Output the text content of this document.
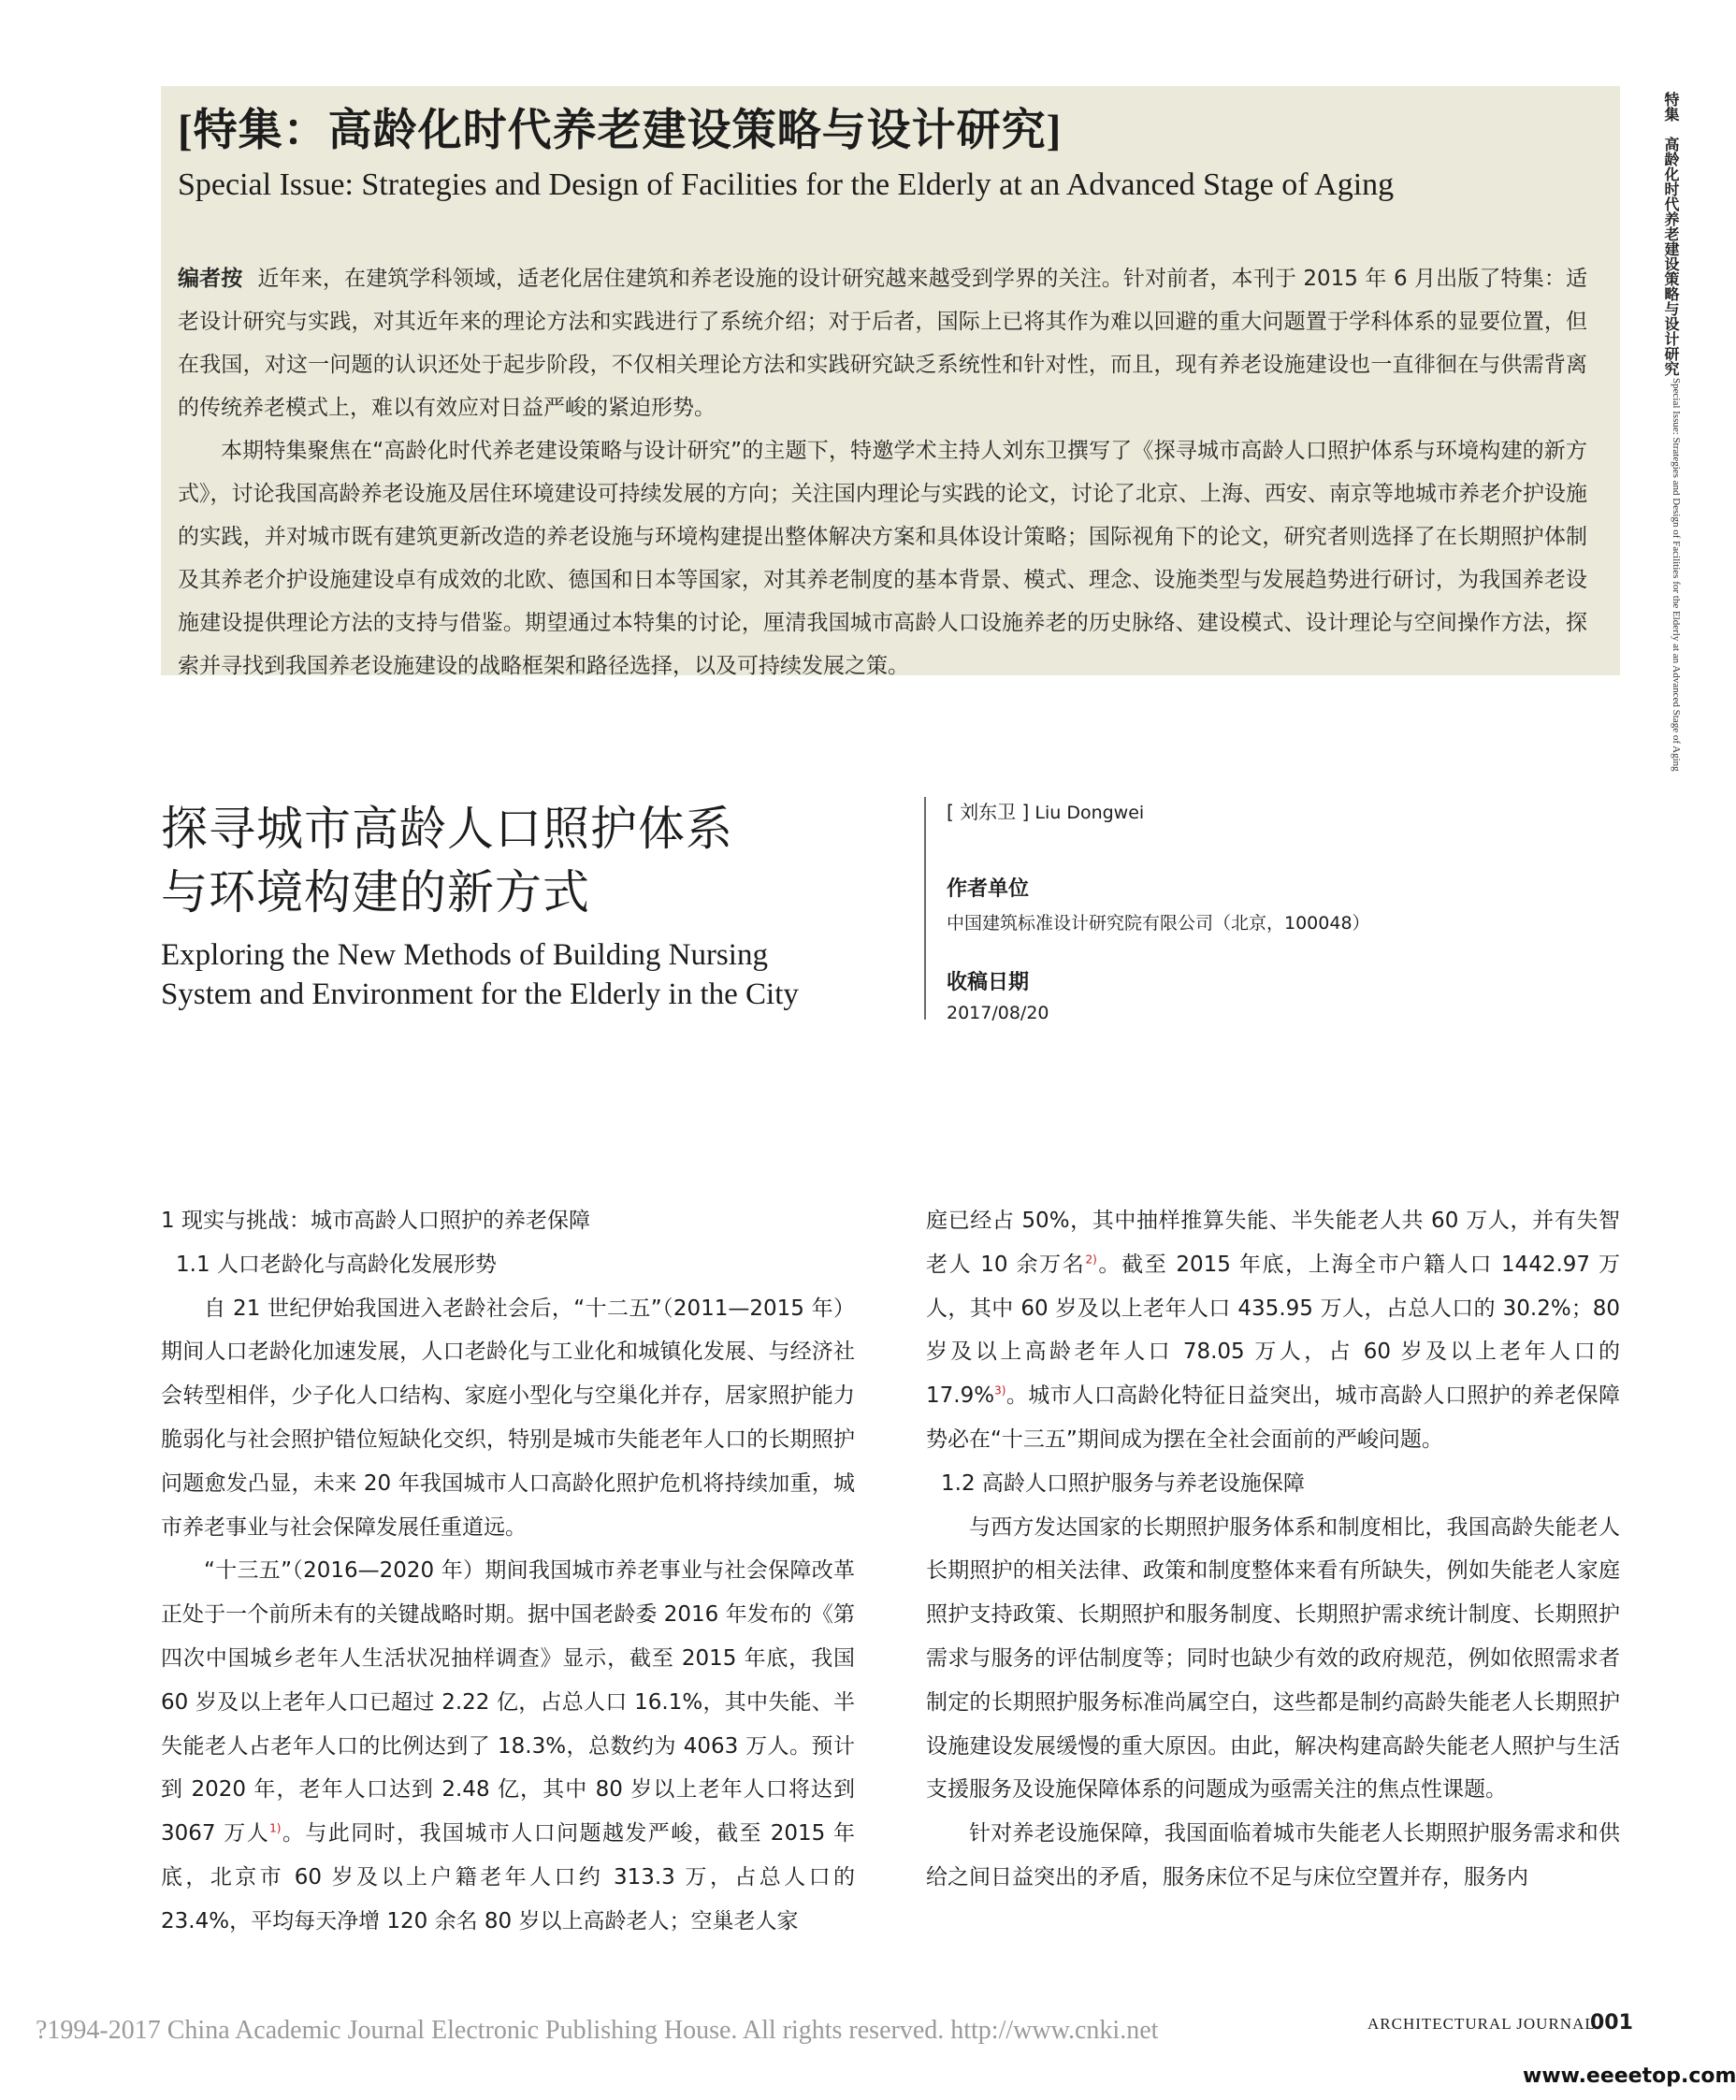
[特集：高龄化时代养老建设策略与设计研究]
Special Issue: Strategies and Design of Facilities for the Elderly at an Advanced Stage of Aging

编者按 近年来，在建筑学科领域，适老化居住建筑和养老设施的设计研究越来越受到学界的关注。针对前者，本刊于 2015 年 6 月出版了特集：适老设计研究与实践，对其近年来的理论方法和实践进行了系统介绍；对于后者，国际上已将其作为难以回避的重大问题置于学科体系的显要位置，但在我国，对这一问题的认识还处于起步阶段，不仅相关理论方法和实践研究缺乏系统性和针对性，而且，现有养老设施建设也一直徘徊在与供需背离的传统养老模式上，难以有效应对日益严峻的紧迫形势。

本期特集聚焦在“高龄化时代养老建设策略与设计研究”的主题下，特邀学术主持人刘东卫撰写了《探寻城市高龄人口照护体系与环境构建的新方式》，讨论我国高龄养老设施及居住环境建设可持续发展的方向；关注国内理论与实践的论文，讨论了北京、上海、西安、南京等地城市养老介护设施的实践，并对城市既有建筑更新改造的养老设施与环境构建提出整体解决方案和具体设计策略；国际视角下的论文，研究者则选择了在长期照护体制及其养老介护设施建设卓有成效的北欧、德国和日本等国家，对其养老制度的基本背景、模式、理念、设施类型与发展趋势进行研讨，为我国养老设施建设提供理论方法的支持与借鉴。期望通过本特集的讨论，厘清我国城市高龄人口设施养老的历史脉络、建设模式、设计理论与空间操作方法，探索并寻找到我国养老设施建设的战略框架和路径选择，以及可持续发展之策。

特集　高龄化时代养老建设策略与设计研究
Special Issue: Strategies and Design of Facilities for the Elderly at an Advanced Stage of Aging
探寻城市高龄人口照护体系
与环境构建的新方式
Exploring the New Methods of Building Nursing
System and Environment for the Elderly in the City
[ 刘东卫 ] Liu Dongwei
作者单位
中国建筑标准设计研究院有限公司（北京，100048）
收稿日期
2017/08/20
1 现实与挑战：城市高龄人口照护的养老保障
1.1 人口老龄化与高龄化发展形势

自 21 世纪伊始我国进入老龄社会后，“十二五”（2011—2015 年）期间人口老龄化加速发展，人口老龄化与工业化和城镇化发展、与经济社会转型相伴，少子化人口结构、家庭小型化与空巢化并存，居家照护能力脆弱化与社会照护错位短缺化交织，特别是城市失能老年人口的长期照护问题愈发凸显，未来 20 年我国城市人口高龄化照护危机将持续加重，城市养老事业与社会保障发展任重道远。

“十三五”（2016—2020 年）期间我国城市养老事业与社会保障改革正处于一个前所未有的关键战略时期。据中国老龄委 2016 年发布的《第四次中国城乡老年人生活状况抽样调查》显示，截至 2015 年底，我国 60 岁及以上老年人口已超过 2.22 亿，占总人口 16.1%，其中失能、半失能老人占老年人口的比例达到了 18.3%，总数约为 4063 万人。预计到 2020 年，老年人口达到 2.48 亿，其中 80 岁以上老年人口将达到 3067 万人$^{1)}$。与此同时，我国城市人口问题越发严峻，截至 2015 年底，北京市 60 岁及以上户籍老年人口约 313.3 万，占总人口的 23.4%，平均每天净增 120 余名 80 岁以上高龄老人；空巢老人家

庭已经占 50%，其中抽样推算失能、半失能老人共 60 万人，并有失智老人 10 余万名$^{2)}$。截至 2015 年底，上海全市户籍人口 1442.97 万人，其中 60 岁及以上老年人口 435.95 万人，占总人口的 30.2%；80 岁及以上高龄老年人口 78.05 万人，占 60 岁及以上老年人口的 17.9%$^{3)}$。城市人口高龄化特征日益突出，城市高龄人口照护的养老保障势必在“十三五”期间成为摆在全社会面前的严峻问题。

1.2 高龄人口照护服务与养老设施保障

与西方发达国家的长期照护服务体系和制度相比，我国高龄失能老人长期照护的相关法律、政策和制度整体来看有所缺失，例如失能老人家庭照护支持政策、长期照护和服务制度、长期照护需求统计制度、长期照护需求与服务的评估制度等；同时也缺少有效的政府规范，例如依照需求者制定的长期照护服务标准尚属空白，这些都是制约高龄失能老人长期照护设施建设发展缓慢的重大原因。由此，解决构建高龄失能老人照护与生活支援服务及设施保障体系的问题成为亟需关注的焦点性课题。

针对养老设施保障，我国面临着城市失能老人长期照护服务需求和供给之间日益突出的矛盾，服务床位不足与床位空置并存，服务内

?1994-2017 China Academic Journal Electronic Publishing House. All rights reserved. http://www.cnki.net	ARCHITECTURAL JOURNAL
001
www.eeeetop.com
